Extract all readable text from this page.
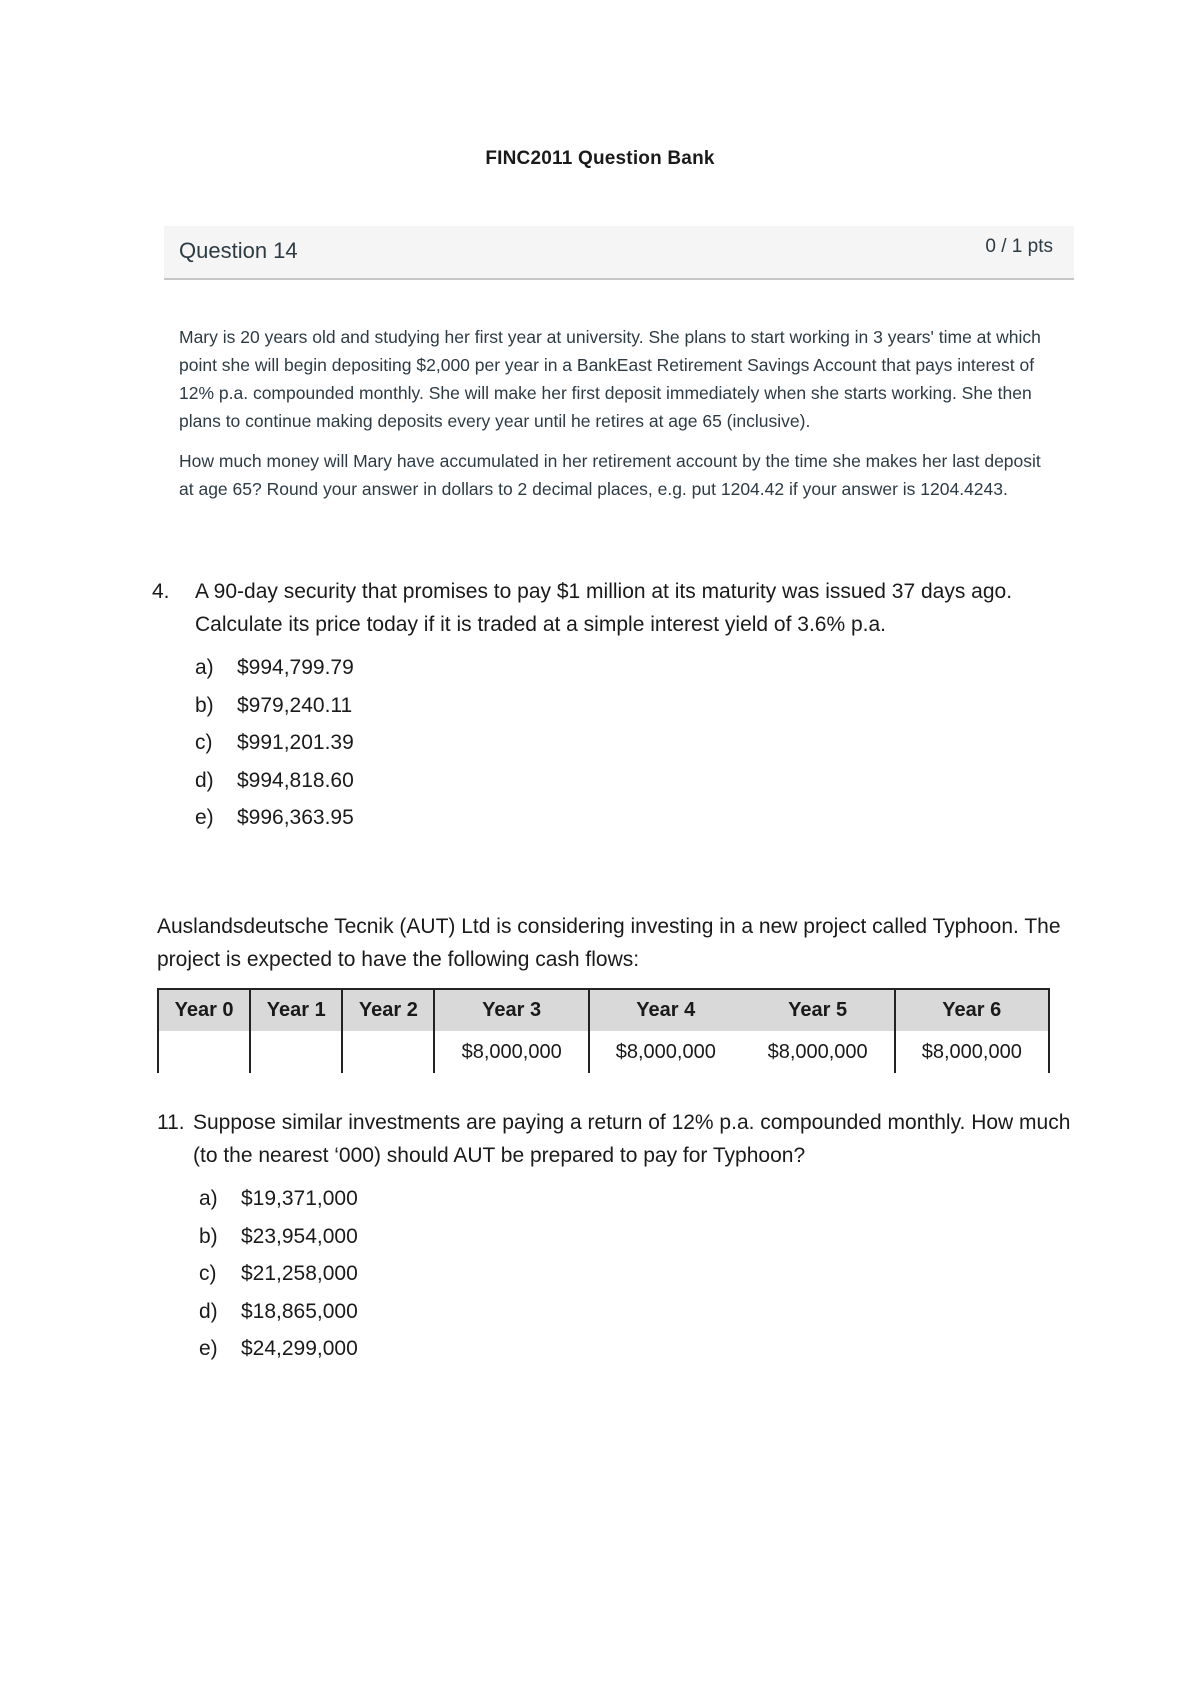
FINC2011 Question Bank
Question 14	0 / 1 pts

Mary is 20 years old and studying her first year at university. She plans to start working in 3 years' time at which point she will begin depositing $2,000 per year in a BankEast Retirement Savings Account that pays interest of 12% p.a. compounded monthly. She will make her first deposit immediately when she starts working. She then plans to continue making deposits every year until he retires at age 65 (inclusive).

How much money will Mary have accumulated in her retirement account by the time she makes her last deposit at age 65? Round your answer in dollars to 2 decimal places, e.g. put 1204.42 if your answer is 1204.4243.

4.	A 90-day security that promises to pay $1 million at its maturity was issued 37 days ago. Calculate its price today if it is traded at a simple interest yield of 3.6% p.a.
a)	$994,799.79
b)	$979,240.11
c)	$991,201.39
d)	$994,818.60
e)	$996,363.95
Auslandsdeutsche Tecnik (AUT) Ltd is considering investing in a new project called Typhoon. The project is expected to have the following cash flows:
Year 0	Year 1	Year 2	Year 3	Year 4	Year 5	Year 6
			$8,000,000	$8,000,000	$8,000,000	$8,000,000
11. Suppose similar investments are paying a return of 12% p.a. compounded monthly. How much (to the nearest ‘000) should AUT be prepared to pay for Typhoon?
a)	$19,371,000
b)	$23,954,000
c)	$21,258,000
d)	$18,865,000
e)	$24,299,000
